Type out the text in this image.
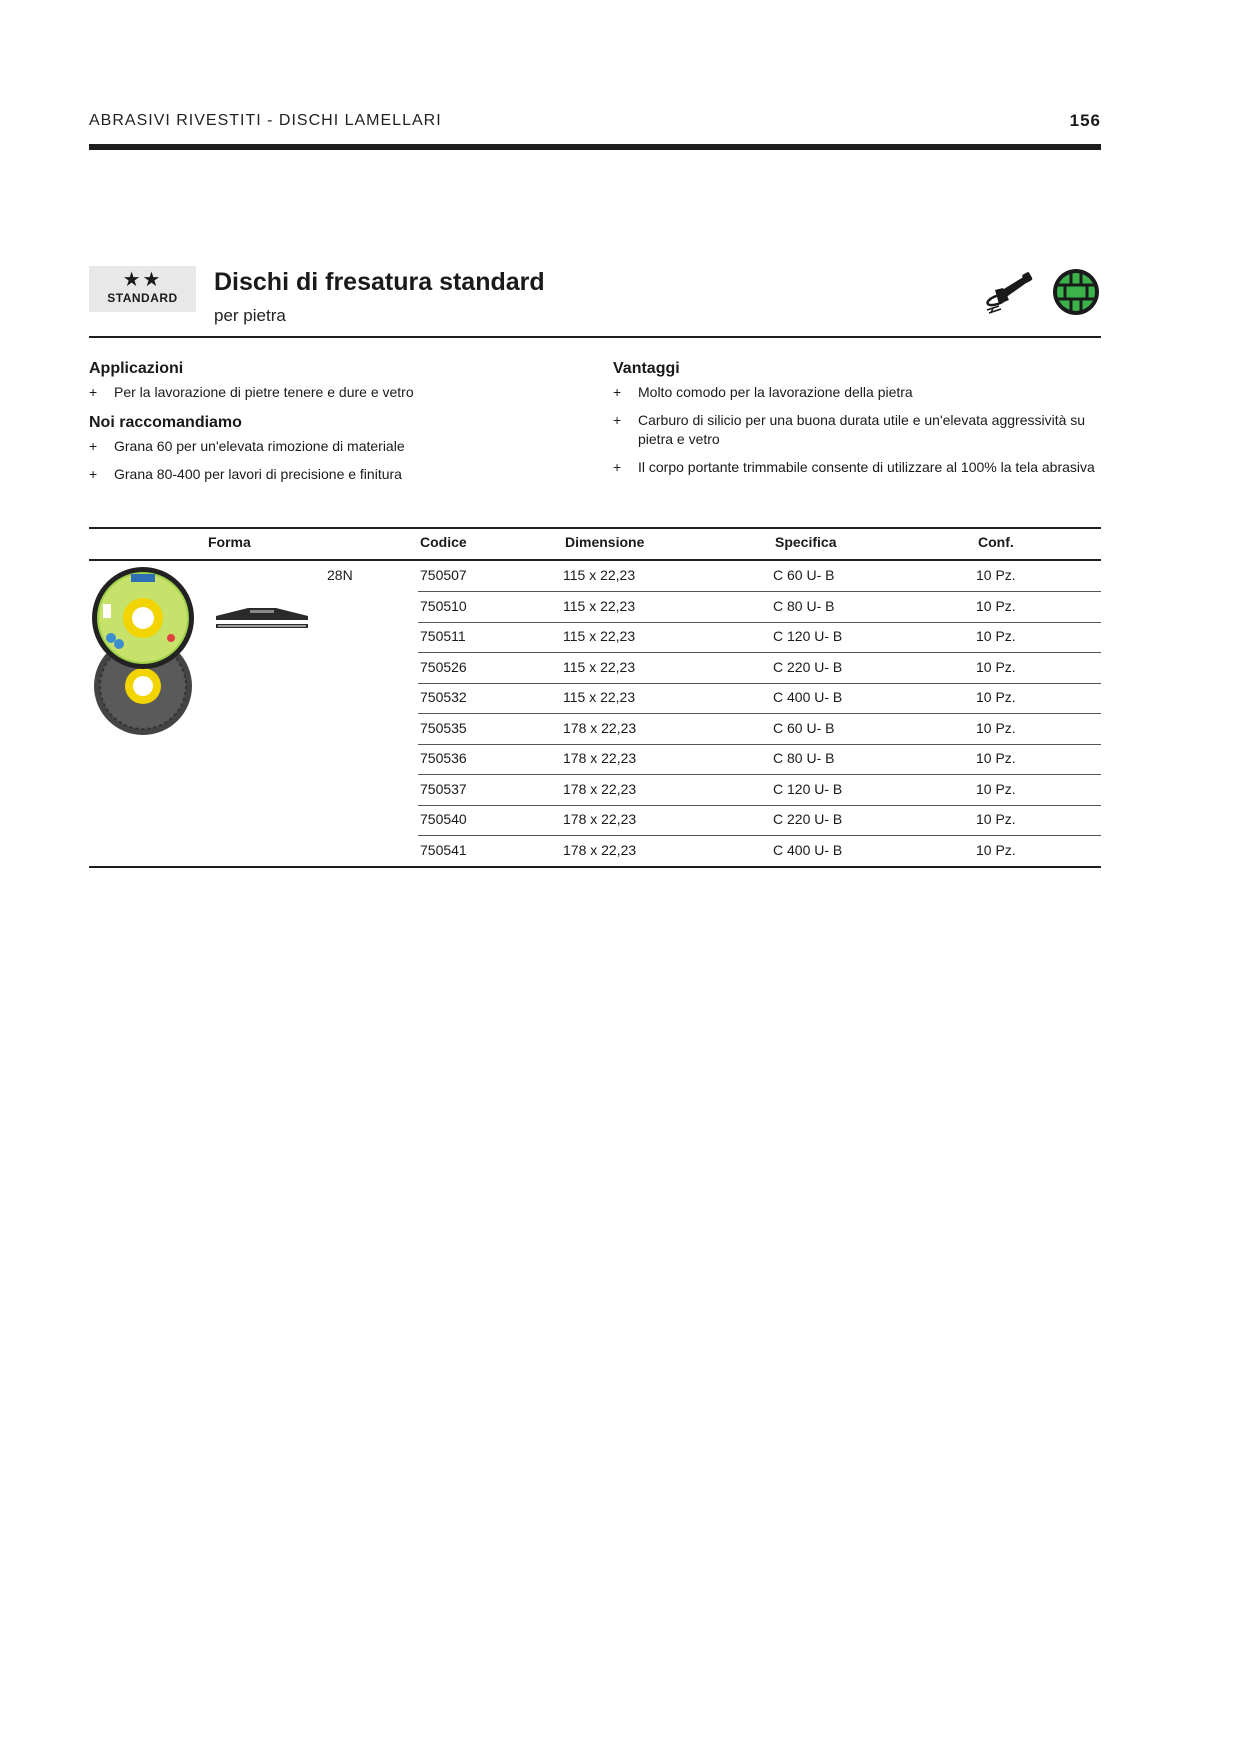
ABRASIVI RIVESTITI - DISCHI LAMELLARI	156
★★
STANDARD
Dischi di fresatura standard
per pietra
Applicazioni
+ Per la lavorazione di pietre tenere e dure e vetro
Noi raccomandiamo
+ Grana 60 per un'elevata rimozione di materiale
+ Grana 80-400 per lavori di precisione e finitura
Vantaggi
+ Molto comodo per la lavorazione della pietra
+ Carburo di silicio per una buona durata utile e un'elevata aggressività su pietra e vetro
+ Il corpo portante trimmabile consente di utilizzare al 100% la tela abrasiva
Forma	Codice	Dimensione	Specifica	Conf.
28N	750507	115 x 22,23	C 60 U- B	10 Pz.
750510	115 x 22,23	C 80 U- B	10 Pz.
750511	115 x 22,23	C 120 U- B	10 Pz.
750526	115 x 22,23	C 220 U- B	10 Pz.
750532	115 x 22,23	C 400 U- B	10 Pz.
750535	178 x 22,23	C 60 U- B	10 Pz.
750536	178 x 22,23	C 80 U- B	10 Pz.
750537	178 x 22,23	C 120 U- B	10 Pz.
750540	178 x 22,23	C 220 U- B	10 Pz.
750541	178 x 22,23	C 400 U- B	10 Pz.
